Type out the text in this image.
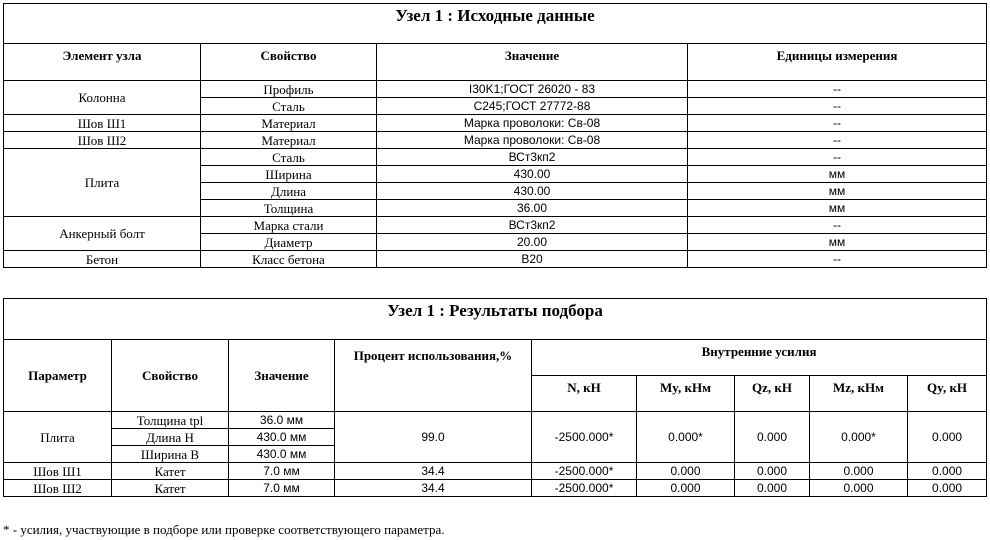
Узел 1 : Исходные данные			
Элемент узла	Свойство	Значение	Единицы измерения
Колонна	Профиль	I30K1;ГОСТ 26020 - 83	--
	Сталь	С245;ГОСТ 27772-88	--
Шов Ш1	Материал	Марка проволоки: Св-08	--
Шов Ш2	Материал	Марка проволоки: Св-08	--
Плита	Сталь	ВСт3кп2	--
	Ширина	430.00	мм
	Длина	430.00	мм
	Толщина	36.00	мм
Анкерный болт	Марка стали	ВСт3кп2	--
	Диаметр	20.00	мм
Бетон	Класс бетона	В20	--
Узел 1 : Результаты подбора								
Параметр	Свойство	Значение	Процент использования,%	Внутренние усилия				
				N, кН	My, кНм	Qz, кН	Mz, кНм	Qy, кН
Плита	Толщина tpl	36.0 мм	99.0	-2500.000*	0.000*	0.000	0.000*	0.000
	Длина H	430.0 мм						
	Ширина B	430.0 мм						
Шов Ш1	Катет	7.0 мм	34.4	-2500.000*	0.000	0.000	0.000	0.000
Шов Ш2	Катет	7.0 мм	34.4	-2500.000*	0.000	0.000	0.000	0.000
* - усилия, участвующие в подборе или проверке соответствующего параметра.
